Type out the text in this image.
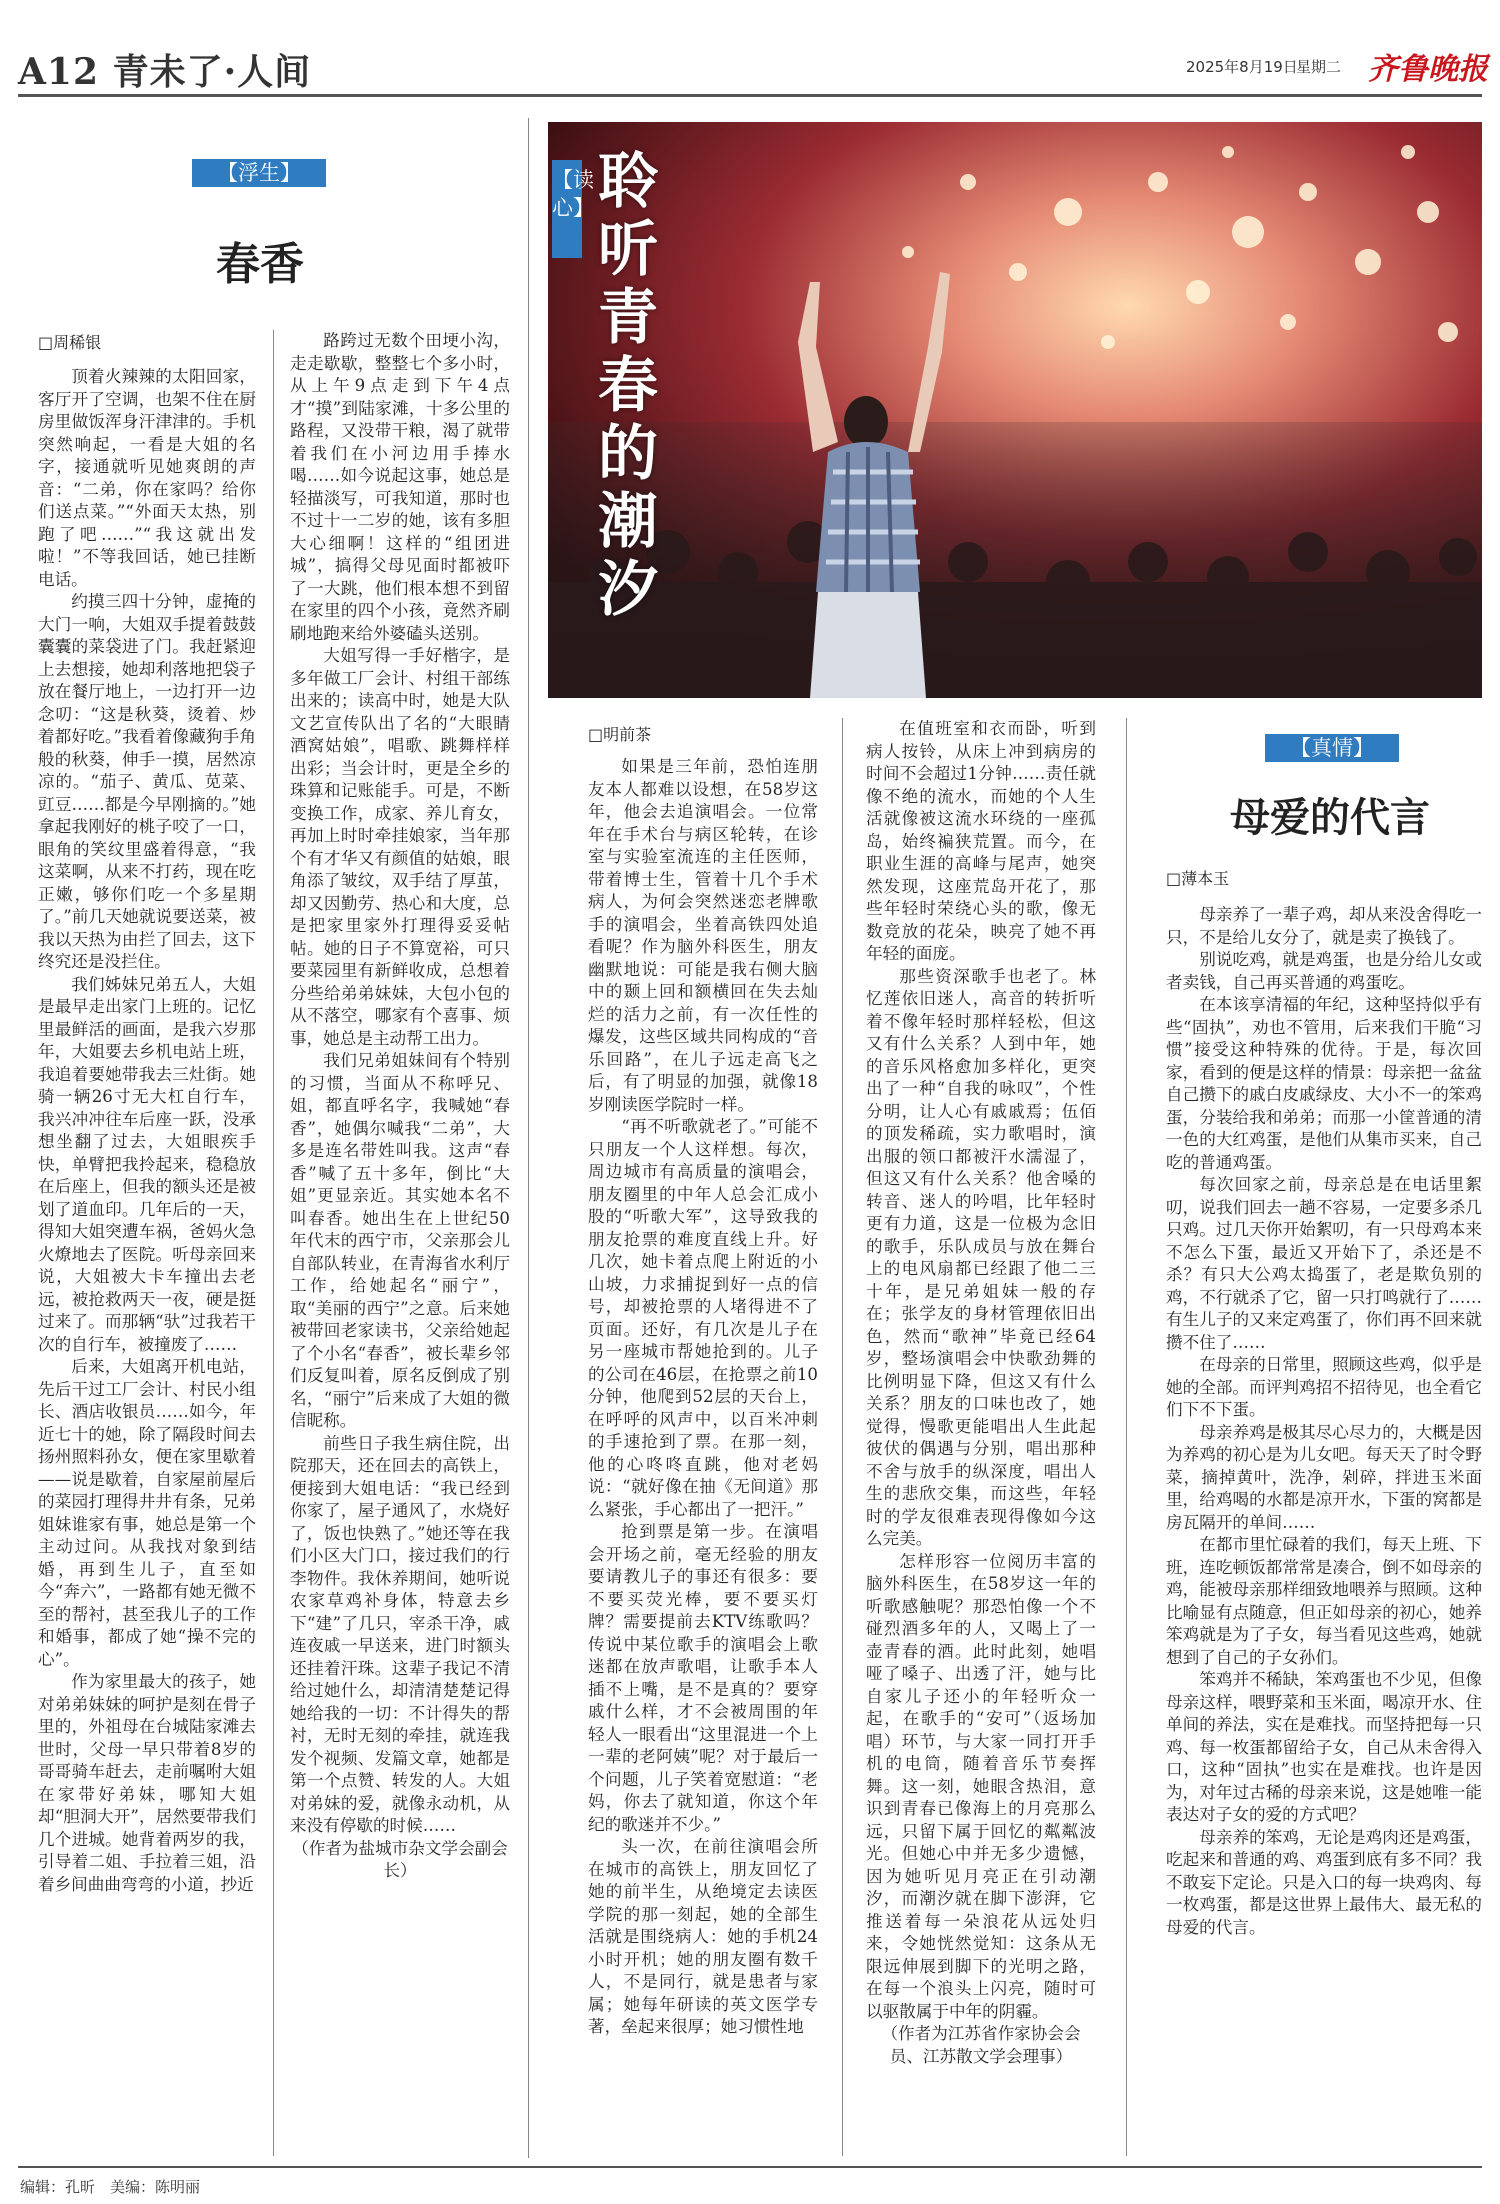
A12 青未了·人间	2025年8月19日
星期二 齐鲁晚报
【浮生】
春香
□周稀银

顶着火辣辣的太阳回家，客厅开了空调，也架不住在厨房里做饭浑身汗津津的。手机突然响起，一看是大姐的名字，接通就听见她爽朗的声音：“二弟，你在家吗？给你们送点菜。”“外面天太热，别跑了吧……”“我这就出发啦！”不等我回话，她已挂断电话。

约摸三四十分钟，虚掩的大门一响，大姐双手提着鼓鼓囊囊的菜袋进了门。我赶紧迎上去想接，她却利落地把袋子放在餐厅地上，一边打开一边念叨：“这是秋葵，烫着、炒着都好吃。”我看着像藏狗手角般的秋葵，伸手一摸，居然凉凉的。“茄子、黄瓜、苋菜、豇豆……都是今早刚摘的。”她拿起我刚好的桃子咬了一口，眼角的笑纹里盛着得意，“我这菜啊，从来不打药，现在吃正嫩，够你们吃一个多星期了。”前几天她就说要送菜，被我以天热为由拦了回去，这下终究还是没拦住。

我们姊妹兄弟五人，大姐是最早走出家门上班的。记忆里最鲜活的画面，是我六岁那年，大姐要去乡机电站上班，我追着要她带我去三灶街。她骑一辆26寸无大杠自行车，我兴冲冲往车后座一跃，没承想坐翻了过去，大姐眼疾手快，单臂把我拎起来，稳稳放在后座上，但我的额头还是被划了道血印。几年后的一天，得知大姐突遭车祸，爸妈火急火燎地去了医院。听母亲回来说，大姐被大卡车撞出去老远，被抢救两天一夜，硬是挺过来了。而那辆“驮”过我若干次的自行车，被撞废了……

后来，大姐离开机电站，先后干过工厂会计、村民小组长、酒店收银员……如今，年近七十的她，除了隔段时间去扬州照料孙女，便在家里歇着——说是歇着，自家屋前屋后的菜园打理得井井有条，兄弟姐妹谁家有事，她总是第一个主动过问。从我找对象到结婚，再到生儿子，直至如今“奔六”，一路都有她无微不至的帮衬，甚至我儿子的工作和婚事，都成了她“操不完的心”。

作为家里最大的孩子，她对弟弟妹妹的呵护是刻在骨子里的，外祖母在台城陆家滩去世时，父母一早只带着8岁的哥哥骑车赶去，走前嘱咐大姐在家带好弟妹，哪知大姐却“胆洞大开”，居然要带我们几个进城。她背着两岁的我，引导着二姐、手拉着三姐，沿着乡间曲曲弯弯的小道，抄近

路跨过无数个田埂小沟，走走歇歇，整整七个多小时，从上午9点走到下午4点才“摸”到陆家滩，十多公里的路程，又没带干粮，渴了就带着我们在小河边用手捧水喝……如今说起这事，她总是轻描淡写，可我知道，那时也不过十一二岁的她，该有多胆大心细啊！这样的“组团进城”，搞得父母见面时都被吓了一大跳，他们根本想不到留在家里的四个小孩，竟然齐刷刷地跑来给外婆磕头送别。

大姐写得一手好楷字，是多年做工厂会计、村组干部练出来的；读高中时，她是大队文艺宣传队出了名的“大眼睛酒窝姑娘”，唱歌、跳舞样样出彩；当会计时，更是全乡的珠算和记账能手。可是，不断变换工作，成家、养儿育女，再加上时时牵挂娘家，当年那个有才华又有颜值的姑娘，眼角添了皱纹，双手结了厚茧，却又因勤劳、热心和大度，总是把家里家外打理得妥妥帖帖。她的日子不算宽裕，可只要菜园里有新鲜收成，总想着分些给弟弟妹妹，大包小包的从不落空，哪家有个喜事、烦事，她总是主动帮工出力。

我们兄弟姐妹间有个特别的习惯，当面从不称呼兄、姐，都直呼名字，我喊她“春香”，她偶尔喊我“二弟”，大多是连名带姓叫我。这声“春香”喊了五十多年，倒比“大姐”更显亲近。其实她本名不叫春香。她出生在上世纪50年代末的西宁市，父亲那会儿自部队转业，在青海省水利厅工作，给她起名“丽宁”，取“美丽的西宁”之意。后来她被带回老家读书，父亲给她起了个小名“春香”，被长辈乡邻们反复叫着，原名反倒成了别名，“丽宁”后来成了大姐的微信昵称。

前些日子我生病住院，出院那天，还在回去的高铁上，便接到大姐电话：“我已经到你家了，屋子通风了，水烧好了，饭也快熟了。”她还等在我们小区大门口，接过我们的行李物件。我休养期间，她听说农家草鸡补身体，特意去乡下“建”了几只，宰杀干净，戚连夜戚一早送来，进门时额头还挂着汗珠。这辈子我记不清给过她什么，却清清楚楚记得她给我的一切：不计得失的帮衬，无时无刻的牵挂，就连我发个视频、发篇文章，她都是第一个点赞、转发的人。大姐对弟妹的爱，就像永动机，从来没有停歇的时候……

（作者为盐城市杂文学会副会长）

【读心】 聆听青春的潮汐
□明前茶

如果是三年前，恐怕连朋友本人都难以设想，在58岁这年，他会去追演唱会。一位常年在手术台与病区轮转，在诊室与实验室流连的主任医师，带着博士生，管着十几个手术病人，为何会突然迷恋老牌歌手的演唱会，坐着高铁四处追看呢？作为脑外科医生，朋友幽默地说：可能是我右侧大脑中的颞上回和额横回在失去灿烂的活力之前，有一次任性的爆发，这些区域共同构成的“音乐回路”，在儿子远走高飞之后，有了明显的加强，就像18岁刚读医学院时一样。

“再不听歌就老了。”可能不只朋友一个人这样想。每次，周边城市有高质量的演唱会，朋友圈里的中年人总会汇成小股的“听歌大军”，这导致我的朋友抢票的难度直线上升。好几次，她卡着点爬上附近的小山坡，力求捕捉到好一点的信号，却被抢票的人堵得进不了页面。还好，有几次是儿子在另一座城市帮她抢到的。儿子的公司在46层，在抢票之前10分钟，他爬到52层的天台上，在呼呼的风声中，以百米冲刺的手速抢到了票。在那一刻，他的心咚咚直跳，他对老妈说：“就好像在抽《无间道》那么紧张，手心都出了一把汗。”

抢到票是第一步。在演唱会开场之前，毫无经验的朋友要请教儿子的事还有很多：要不要买荧光棒，要不要买灯牌？需要提前去KTV练歌吗？传说中某位歌手的演唱会上歌迷都在放声歌唱，让歌手本人插不上嘴，是不是真的？要穿戚什么样，才不会被周围的年轻人一眼看出“这里混进一个上一辈的老阿姨”呢？对于最后一个问题，儿子笑着宽慰道：“老妈，你去了就知道，你这个年纪的歌迷并不少。”

头一次，在前往演唱会所在城市的高铁上，朋友回忆了她的前半生，从绝境定去读医学院的那一刻起，她的全部生活就是围绕病人：她的手机24小时开机；她的朋友圈有数千人，不是同行，就是患者与家属；她每年研读的英文医学专著，垒起来很厚；她习惯性地

在值班室和衣而卧，听到病人按铃，从床上冲到病房的时间不会超过1分钟……责任就像不绝的流水，而她的个人生活就像被这流水环绕的一座孤岛，始终褊狭荒置。而今，在职业生涯的高峰与尾声，她突然发现，这座荒岛开花了，那些年轻时荣绕心头的歌，像无数竞放的花朵，映亮了她不再年轻的面庞。

那些资深歌手也老了。林忆莲依旧迷人，高音的转折听着不像年轻时那样轻松，但这又有什么关系？人到中年，她的音乐风格愈加多样化，更突出了一种“自我的咏叹”，个性分明，让人心有戚戚焉；伍佰的顶发稀疏，实力歌唱时，演出服的领口都被汗水濡湿了，但这又有什么关系？他舍嗓的转音、迷人的吟唱，比年轻时更有力道，这是一位极为念旧的歌手，乐队成员与放在舞台上的电风扇都已经跟了他二三十年，是兄弟姐妹一般的存在；张学友的身材管理依旧出色，然而“歌神”毕竟已经64岁，整场演唱会中快歌劲舞的比例明显下降，但这又有什么关系？朋友的口味也改了，她觉得，慢歌更能唱出人生此起彼伏的偶遇与分别，唱出那种不舍与放手的纵深度，唱出人生的悲欣交集，而这些，年轻时的学友很难表现得像如今这么完美。

怎样形容一位阅历丰富的脑外科医生，在58岁这一年的听歌感触呢？那恐怕像一个不碰烈酒多年的人，又喝上了一壶青春的酒。此时此刻，她唱哑了嗓子、出透了汗，她与比自家儿子还小的年轻听众一起，在歌手的“安可”（返场加唱）环节，与大家一同打开手机的电筒，随着音乐节奏挥舞。这一刻，她眼含热泪，意识到青春已像海上的月亮那么远，只留下属于回忆的粼粼波光。但她心中并无多少遗憾，因为她听见月亮正在引动潮汐，而潮汐就在脚下澎湃，它推送着每一朵浪花从远处归来，令她恍然觉知：这条从无限远伸展到脚下的光明之路，在每一个浪头上闪亮，随时可以驱散属于中年的阴霾。

（作者为江苏省作家协会会员、江苏散文学会理事）

【真情】
母爱的代言
□薄本玉

母亲养了一辈子鸡，却从来没舍得吃一只，不是给儿女分了，就是卖了换钱了。

别说吃鸡，就是鸡蛋，也是分给儿女或者卖钱，自己再买普通的鸡蛋吃。

在本该享清福的年纪，这种坚持似乎有些“固执”，劝也不管用，后来我们干脆“习惯”接受这种特殊的优待。于是，每次回家，看到的便是这样的情景：母亲把一盆盆自己攒下的戚白皮戚绿皮、大小不一的笨鸡蛋，分装给我和弟弟；而那一小筐普通的清一色的大红鸡蛋，是他们从集市买来，自己吃的普通鸡蛋。

每次回家之前，母亲总是在电话里絮叨，说我们回去一趟不容易，一定要多杀几只鸡。过几天你开始絮叨，有一只母鸡本来不怎么下蛋，最近又开始下了，杀还是不杀？有只大公鸡太捣蛋了，老是欺负别的鸡，不行就杀了它，留一只打鸣就行了……有生儿子的又来定鸡蛋了，你们再不回来就攒不住了……

在母亲的日常里，照顾这些鸡，似乎是她的全部。而评判鸡招不招待见，也全看它们下不下蛋。

母亲养鸡是极其尽心尽力的，大概是因为养鸡的初心是为儿女吧。每天天了时令野菜，摘掉黄叶，洗净，剁碎，拌进玉米面里，给鸡喝的水都是凉开水，下蛋的窝都是房瓦隔开的单间……

在都市里忙碌着的我们，每天上班、下班，连吃顿饭都常常是凑合，倒不如母亲的鸡，能被母亲那样细致地喂养与照顾。这种比喻显有点随意，但正如母亲的初心，她养笨鸡就是为了子女，每当看见这些鸡，她就想到了自己的子女孙们。

笨鸡并不稀缺，笨鸡蛋也不少见，但像母亲这样，喂野菜和玉米面，喝凉开水、住单间的养法，实在是难找。而坚持把每一只鸡、每一枚蛋都留给子女，自己从未舍得入口，这种“固执”也实在是难找。也许是因为，对年过古稀的母亲来说，这是她唯一能表达对子女的爱的方式吧？

母亲养的笨鸡，无论是鸡肉还是鸡蛋，吃起来和普通的鸡、鸡蛋到底有多不同？我不敢妄下定论。只是入口的每一块鸡肉、每一枚鸡蛋，都是这世界上最伟大、最无私的母爱的代言。

编辑：孔昕　美编：陈明丽
